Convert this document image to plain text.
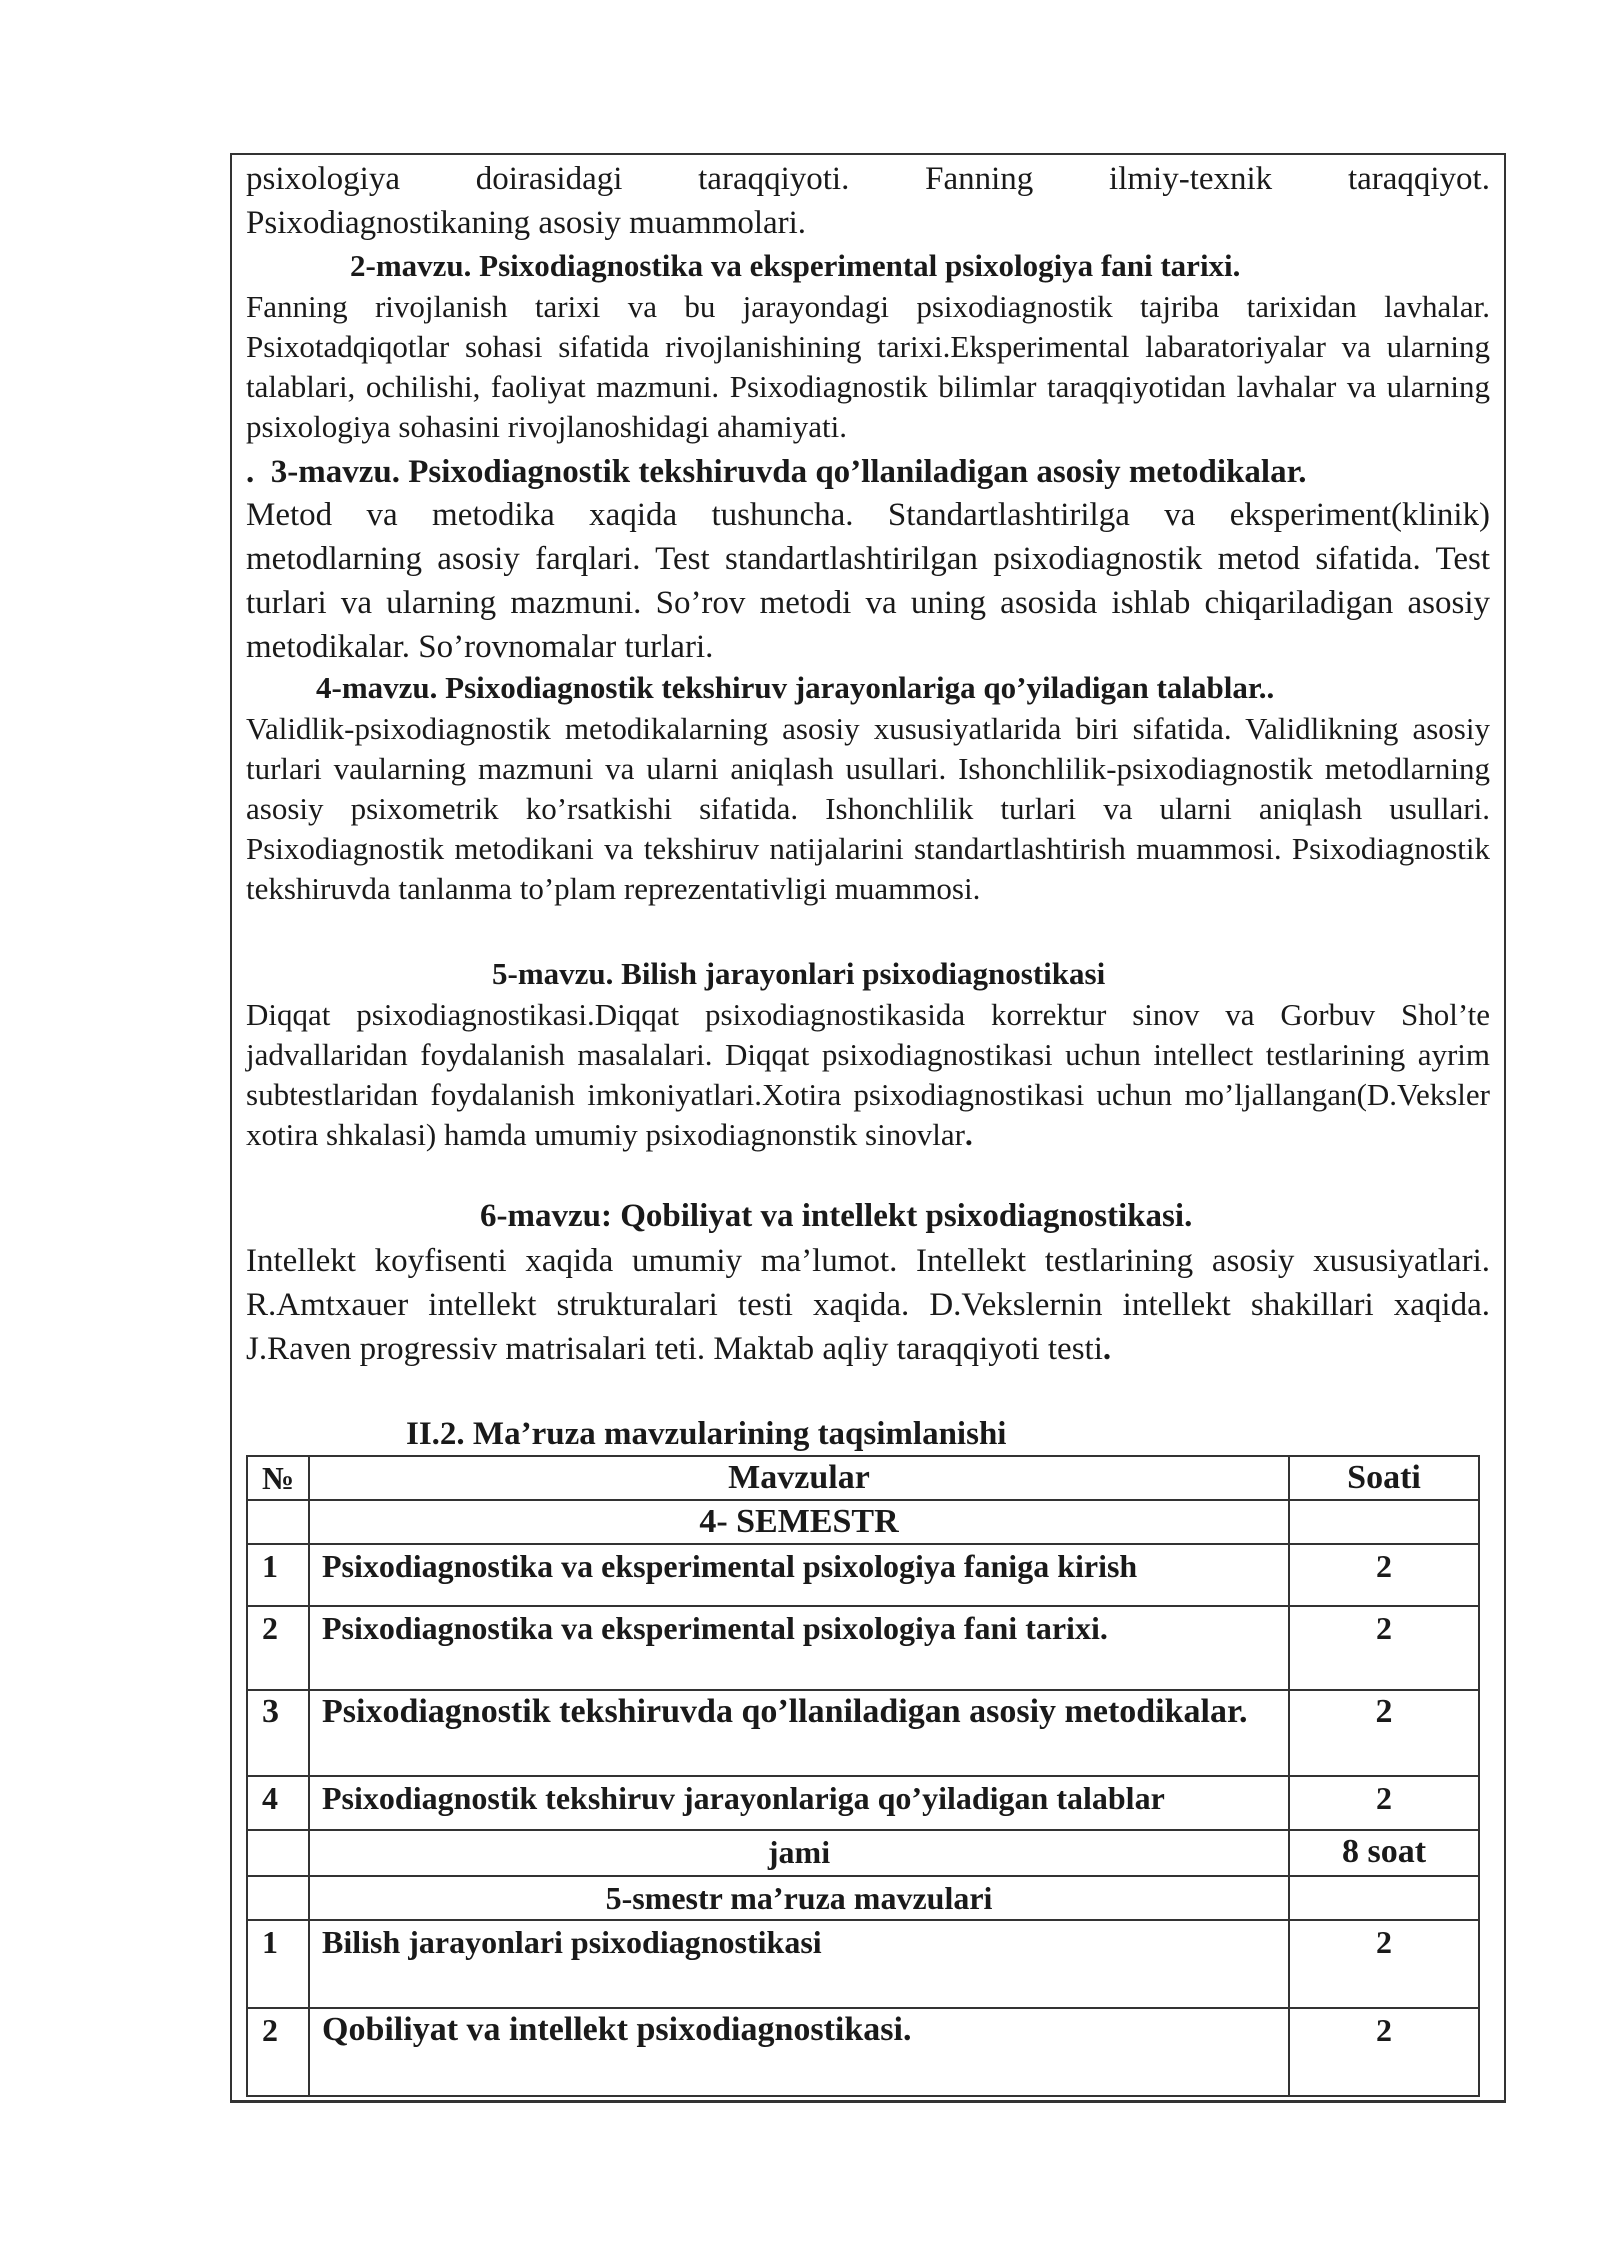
psixologiya doirasidagi taraqqiyoti. Fanning ilmiy-texnik taraqqiyot.
Psixodiagnostikaning asosiy muammolari.
2-mavzu. Psixodiagnostika va eksperimental psixologiya fani tarixi.
Fanning rivojlanish tarixi va bu jarayondagi psixodiagnostik tajriba tarixidan lavhalar. Psixotadqiqotlar sohasi sifatida rivojlanishining tarixi.Eksperimental labaratoriyalar va ularning talablari, ochilishi, faoliyat mazmuni. Psixodiagnostik bilimlar taraqqiyotidan lavhalar va ularning psixologiya sohasini rivojlanoshidagi ahamiyati.
.  3-mavzu. Psixodiagnostik tekshiruvda qo’llaniladigan asosiy metodikalar.
Metod va metodika xaqida tushuncha. Standartlashtirilga va eksperiment(klinik) metodlarning asosiy farqlari. Test standartlashtirilgan psixodiagnostik metod sifatida. Test turlari va ularning mazmuni. So’rov metodi va uning asosida ishlab chiqariladigan asosiy metodikalar. So’rovnomalar turlari.
4-mavzu. Psixodiagnostik tekshiruv jarayonlariga qo’yiladigan talablar..
Validlik-psixodiagnostik metodikalarning asosiy xususiyatlarida biri sifatida. Validlikning asosiy turlari vaularning mazmuni va ularni aniqlash usullari. Ishonchlilik-psixodiagnostik metodlarning asosiy psixometrik ko’rsatkishi sifatida. Ishonchlilik turlari va ularni aniqlash usullari. Psixodiagnostik metodikani va tekshiruv natijalarini standartlashtirish muammosi. Psixodiagnostik tekshiruvda tanlanma to’plam reprezentativligi muammosi.
5-mavzu. Bilish jarayonlari psixodiagnostikasi
Diqqat psixodiagnostikasi.Diqqat psixodiagnostikasida korrektur sinov va Gorbuv Shol’te jadvallaridan foydalanish masalalari. Diqqat psixodiagnostikasi uchun intellect testlarining ayrim subtestlaridan foydalanish imkoniyatlari.Xotira psixodiagnostikasi uchun mo’ljallangan(D.Veksler xotira shkalasi) hamda umumiy psixodiagnonstik sinovlar.
6-mavzu: Qobiliyat va intellekt psixodiagnostikasi.
Intellekt koyfisenti xaqida umumiy ma’lumot. Intellekt testlarining asosiy xususiyatlari. R.Amtxauer intellekt strukturalari testi xaqida. D.Vekslernin intellekt shakillari xaqida. J.Raven progressiv matrisalari teti. Maktab aqliy taraqqiyoti testi.
II.2. Ma’ruza mavzularining taqsimlanishi
№	Mavzular	Soati
	4- SEMESTR	
1	Psixodiagnostika va eksperimental psixologiya faniga kirish	2
2	Psixodiagnostika va eksperimental psixologiya fani tarixi.	2
3	Psixodiagnostik tekshiruvda qo’llaniladigan asosiy metodikalar.	2
4	Psixodiagnostik tekshiruv jarayonlariga qo’yiladigan talablar	2
	jami	8 soat
	5-smestr ma’ruza mavzulari	
1	Bilish jarayonlari psixodiagnostikasi	2
2	Qobiliyat va intellekt psixodiagnostikasi.	2
